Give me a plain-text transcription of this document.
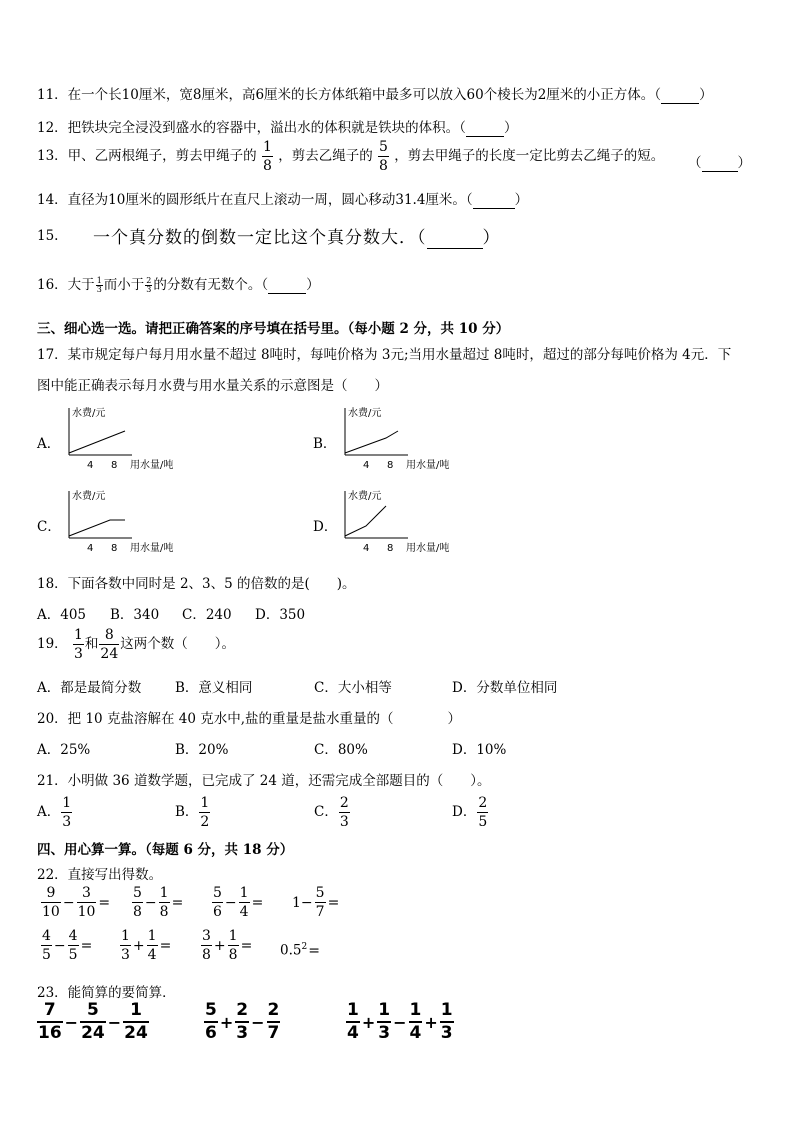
11．在一个长10厘米，宽8厘米，高6厘米的长方体纸箱中最多可以放入60个棱长为2厘米的小正方体。（	）
12．把铁块完全浸没到盛水的容器中，溢出水的体积就是铁块的体积。（	）
13．甲、乙两根绳子，剪去甲绳子的 $\frac{1}{8}$ ，剪去乙绳子的 $\frac{5}{8}$ ，剪去甲绳子的长度一定比剪去乙绳子的短。 （	）
14．直径为10厘米的圆形纸片在直尺上滚动一周，圆心移动31.4厘米。（	）
15. 一个真分数的倒数一定比这个真分数大．（	）
16．大于 $\frac{1}{3}$ 而小于 $\frac{2}{3}$ 的分数有无数个。（	）
三、细心选一选。请把正确答案的序号填在括号里。（每小题 2 分，共 10 分）
17．某市规定每户每月用水量不超过 8吨时，每吨价格为 3元;当用水量超过 8吨时，超过的部分每吨价格为 4元．下
图中能正确表示每月水费与用水量关系的示意图是（　　）
A．
水费/元
4 8 用水量/吨
B．
水费/元
4 8 用水量/吨
C．
水费/元
4 8 用水量/吨
D．
水费/元
4 8 用水量/吨
18．下面各数中同时是 2、3、5 的倍数的是(　　)。
A．405 B．340 C．240 D．350
19． $\frac{1}{3}$ 和 $\frac{8}{24}$ 这两个数（　　）。
A．都是最简分数	B．意义相同	C．大小相等	D．分数单位相同
20．把 10 克盐溶解在 40 克水中,盐的重量是盐水重量的（　　　　）
A．25%	B．20%	C．80%	D．10%
21．小明做 36 道数学题，已完成了 24 道，还需完成全部题目的（　　）。
A． $\frac{1}{3}$	B． $\frac{1}{2}$	C． $\frac{2}{3}$	D． $\frac{2}{5}$
四、用心算一算。（每题 6 分，共 18 分）
22．直接写出得数。
$\frac{9}{10} - \frac{3}{10} = \frac{5}{8} - \frac{1}{8} = \frac{5}{6} - \frac{1}{4} = 1- \frac{5}{7}$ =
$\frac{4}{5} - \frac{4}{5} = \frac{1}{3} + \frac{1}{4} = \frac{3}{8} + \frac{1}{8} = 0.5^2=$
23．能简算的要简算．
$\frac{7}{16} - \frac{5}{24} - \frac{1}{24}$	$\frac{5}{6} + \frac{2}{3} - \frac{2}{7}$	$\frac{1}{4} + \frac{1}{3} - \frac{1}{4} + \frac{1}{3}$
